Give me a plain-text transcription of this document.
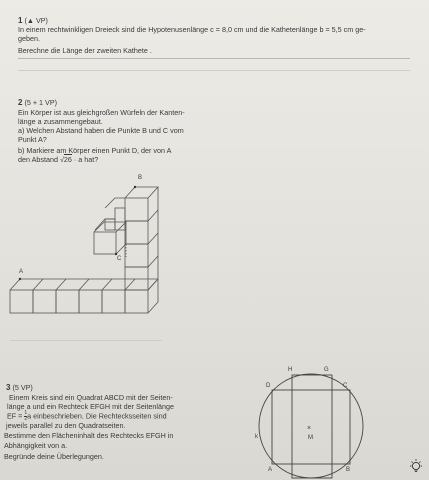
1 (▲ VP)
In einem rechtwinkligen Dreieck sind die Hypotenusenlänge c = 8,0 cm und die Kathetenlänge b = 5,5 cm ge-
geben.
Berechne die Länge der zweiten Kathete .
2 (5 + 1 VP)
Ein Körper ist aus gleichgroßen Würfeln der Kanten-
länge a zusammengebaut.
a) Welchen Abstand haben die Punkte B und C vom
Punkt A?
b) Markiere am Körper einen Punkt D, der von A
den Abstand √26 · a hat?
A
B
C
3 (5 VP)
Einem Kreis sind ein Quadrat ABCD mit der Seiten-
länge a und ein Rechteck EFGH mit der Seitenlänge
EF = $\frac{1}{2}$ a einbeschrieben. Die Rechtecksseiten sind
jeweils parallel zu den Quadratseiten.
Bestimme den Flächeninhalt des Rechtecks EFGH in
Abhängigkeit von a.
Begründe deine Überlegungen.
H	G
D	C
k
×
M
A	B
